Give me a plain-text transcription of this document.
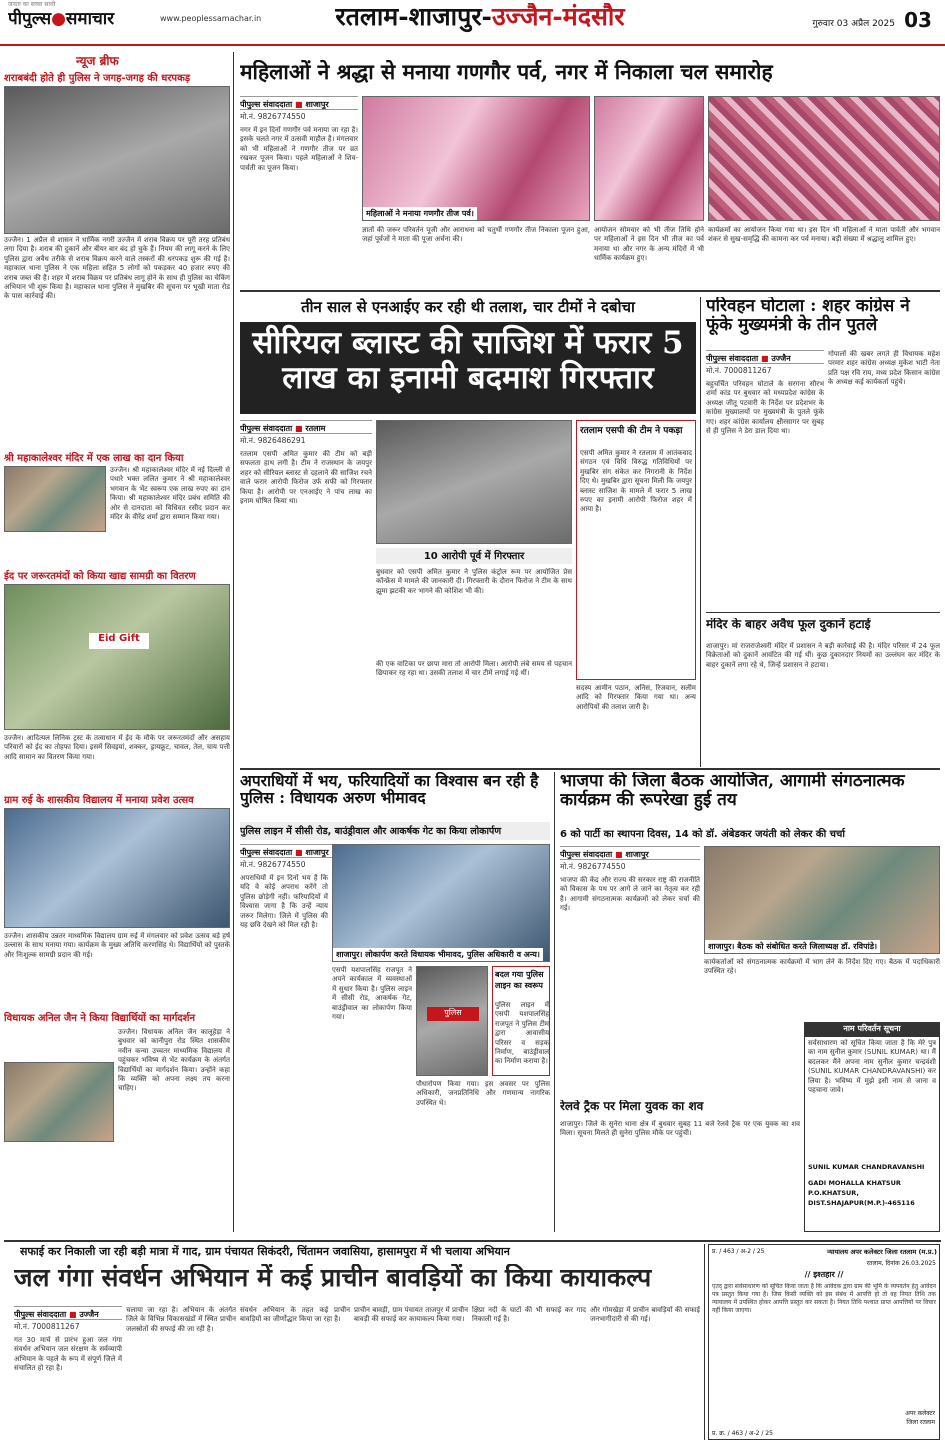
पीपुल्स●समाचार
जनता का सच्चा साथी
www.peoplessamachar.in	रतलाम-शाजापुर-उज्जैन-मंदसौर	गुरुवार 03 अप्रैल 2025 03
न्यूज ब्रीफ
शराबबंदी होते ही पुलिस ने जगह-जगह की धरपकड़
उज्जैन। 1 अप्रैल से शासन ने धार्मिक नगरी उज्जैन में शराब विक्रय पर पूरी तरह प्रतिबंध लगा दिया है। शराब की दुकानें और बीयर बार बंद हो चुके हैं। नियम की लागू करने के लिए पुलिस द्वारा अवैध तरीके से शराब विक्रय करने वाले तस्करों की धरपकड़ शुरू की गई है। महाकाल थाना पुलिस ने एक महिला सहित 5 लोगों को पकड़कर 40 हजार रुपए की शराब जब्त की है। शहर में शराब विक्रय पर प्रतिबंध लागू होने के साथ ही पुलिस का चेकिंग अभियान भी शुरू किया है। महाकाल थाना पुलिस ने मुखबिर की सूचना पर भूखी माता रोड के पास कार्रवाई की।
श्री महाकालेश्वर मंदिर में एक लाख का दान किया
उज्जैन। श्री महाकालेश्वर मंदिर में नई दिल्ली से पधारे भक्त ललित कुमार ने श्री महाकालेश्वर भगवान के भेंट स्वरूप एक लाख रुपए का दान किया। श्री महाकालेश्वर मंदिर प्रबंध समिति की ओर से दानदाता को विधिवत रसीद प्रदान कर मंदिर के वीरेंद्र शर्मा द्वारा सम्मान किया गया।
ईद पर जरूरतमंदों को किया खाद्य सामग्री का वितरण
Eid Gift
उज्जैन। आदित्यल लिनिक ट्रस्ट के तत्वाधान में ईद के मौके पर जरूरतमंदों और असहाय परिवारों को ईद का तोहफा दिया। इसमें सिवइयां, शक्कर, ड्रायफ्रूट, चावल, तेल, चाय पत्ती आदि सामान का वितरण किया गया।
ग्राम रुई के शासकीय विद्यालय में मनाया प्रवेश उत्सव
उज्जैन। शासकीय उन्नतर माध्यमिक विद्यालय ग्राम रुई में मंगलवार को प्रवेश उत्सव बड़े हर्ष उल्लास के साथ मनाया गया। कार्यक्रम के मुख्य अतिथि करणसिंह थे। विद्यार्थियों को पुस्तकें और निःशुल्क सामग्री प्रदान की गई।
विधायक अनिल जैन ने किया विद्यार्थियों का मार्गदर्शन
उज्जैन। विधायक अनिल जैन कालूहेड़ा ने बुधवार को कानीपुरा रोड स्थित शासकीय नवीन कन्या उच्चतर माध्यमिक विद्यालय में पहुंचकर भविष्य से भेंट कार्यक्रम के अंतर्गत विद्यार्थियों का मार्गदर्शन किया। उन्होंने कहा कि व्यक्ति को अपना लक्ष्य तय करना चाहिए।
महिलाओं ने श्रद्धा से मनाया गणगौर पर्व, नगर में निकाला चल समारोह
पीपुल्स संवाददाता ■ शाजापुर
मो.नं. 9826774550
नगर में इन दिनों गणगौर पर्व मनाया जा रहा है। इसके चलते नगर में उत्सवी माहौल है। मंगलवार को भी महिलाओं ने गणगौर तीज पर व्रत रखकर पूजन किया। पहले महिलाओं ने शिव-पार्वती का पूजन किया।
महिलाओं ने मनाया गणगौर तीज पर्व।
ज्ञातों की जरूर परिवर्तन पूजी और आराधना को चतुर्थी गणगौर तीज निकाला पूजन हुआ, जहां पूर्वजों ने माता की पूजा अर्चना की।
आयोजन सोमवार को भी तीज तिथि होने पर महिलाओं ने इस दिन भी तीज का पर्व मनाया था और नगर के अन्य मंदिरों में भी धार्मिक कार्यक्रम हुए।
कार्यक्रमों का आयोजन किया गया था। इस दिन भी महिलाओं ने माता पार्वती और भगवान शंकर से सुख-समृद्धि की कामना कर पर्व मनाया। बड़ी संख्या में श्रद्धालु शामिल हुए।
तीन साल से एनआईए कर रही थी तलाश, चार टीमों ने दबोचा
सीरियल ब्लास्ट की साजिश में फरार 5 लाख का इनामी बदमाश गिरफ्तार
पीपुल्स संवाददाता ■ रतलाम
मो.नं. 9826486291
रतलाम एसपी की टीम ने पकड़ा
एसपी अमित कुमार ने रतलाम में आतंकवाद संगठन एवं विधि विरुद्ध गतिविधियों पर मुखबिर संग संकेत कर निगरानी के निर्देश दिए थे। मुखबिर द्वारा सूचना मिली कि जयपुर ब्लास्ट साजिश के मामले में फरार 5 लाख रुपए का इनामी आरोपी फिरोज शहर में आया है।
रतलाम एसपी अमित कुमार की टीम को बड़ी सफलता हाथ लगी है। टीम ने राजस्थान के जयपुर शहर को सीरियल ब्लास्ट से दहलाने की साजिश रचने वाले फरार आरोपी फिरोज उर्फ सफी को गिरफ्तार किया है। आरोपी पर एनआईए ने पांच लाख का इनाम घोषित किया था।
10 आरोपी पूर्व में गिरफ्तार
बुधवार को एसपी अमित कुमार ने पुलिस कंट्रोल रूम पर आयोजित प्रेस कॉन्फ्रेंस में मामले की जानकारी दी। गिरफ्तारी के दौरान फिरोज ने टीम के साथ झूमा झटकी कर भागने की कोशिश भी की।
की एक वाटिका पर छापा मारा तो आरोपी मिला। आरोपी लंबे समय से पहचान छिपाकर रह रहा था। उसकी तलाश में चार टीमें लगाई गई थीं।
सदस्य आमीन पठान, अनिस, रिजवान, सलीम आदि को गिरफ्तार किया गया था। अन्य आरोपियों की तलाश जारी है।
परिवहन घोटाला : शहर कांग्रेस ने फूंके मुख्यमंत्री के तीन पुतले
पीपुल्स संवाददाता ■ उज्जैन
मो.नं. 7000811267
बहुचर्चित परिवहन घोटाले के सरगना सौरभ शर्मा कांड पर बुधवार को मध्यप्रदेश कांग्रेस के अध्यक्ष जीतू पटवारी के निर्देश पर प्रदेशभर के कांग्रेस मुख्यालयों पर मुख्यमंत्री के पुतले फूंके गए। शहर कांग्रेस कार्यालय क्षीरसागर पर सुबह से ही पुलिस ने डेरा डाल दिया था।
गोपालों की खबर लगते ही विधायक महेश परमार शहर कांग्रेस अध्यक्ष मुकेश भाटी नेता प्रति पक्ष रवि राय, मध्य प्रदेश किसान कांग्रेस के अध्यक्ष कई कार्यकर्ता पहुंचे।
मंदिर के बाहर अवैध फूल दुकानें हटाई
शाजापुर। मां राजराजेश्वरी मंदिर में प्रशासन ने बड़ी कार्रवाई की है। मंदिर परिसर में 24 फूल विक्रेताओं को दुकानें आवंटित की गई थीं। कुछ दुकानदार नियमों का उल्लंघन कर मंदिर के बाहर दुकानें लगा रहे थे, जिन्हें प्रशासन ने हटाया।
अपराधियों में भय, फरियादियों का विश्वास बन रही है पुलिस : विधायक अरुण भीमावद
पुलिस लाइन में सीसी रोड, बाउंड्रीवाल और आकर्षक गेट का किया लोकार्पण
पीपुल्स संवाददाता ■ शाजापुर
मो.नं. 9826774550
अपराधियों में इन दिनों भय है कि यदि वे कोई अपराध करेंगे तो पुलिस छोड़ेगी नहीं। फरियादियों में विश्वास जागा है कि उन्हें न्याय जरूर मिलेगा। जिले में पुलिस की यह छवि देखने को मिल रही है।
शाजापुर। लोकार्पण करते विधायक भीमावद, पुलिस अधिकारी व अन्य।
एसपी यशपालसिंह राजपूत ने अपने कार्यकाल में व्यवस्थाओं में सुधार किया है। पुलिस लाइन में सीसी रोड, आकर्षक गेट, बाउंड्रीवाल का लोकार्पण किया गया।
पुलिस
बदल गया पुलिस लाइन का स्वरूप
पुलिस लाइन में एसपी यशपालसिंह राजपूत ने पुलिस टीम द्वारा आवासीय परिसर व सड़क निर्माण, बाउंड्रीवाल का निर्माण कराया है।
पौधारोपण किया गया। इस अवसर पर पुलिस अधिकारी, जनप्रतिनिधि और गणमान्य नागरिक उपस्थित थे।
भाजपा की जिला बैठक आयोजित, आगामी संगठनात्मक कार्यक्रम की रूपरेखा हुई तय
6 को पार्टी का स्थापना दिवस, 14 को डॉ. अंबेडकर जयंती को लेकर की चर्चा
पीपुल्स संवाददाता ■ शाजापुर
मो.नं. 9826774550
भाजपा की केंद्र और राज्य की सरकार राष्ट्र की राजनीति को विकास के पथ पर आगे ले जाने का नेतृत्व कर रही है। आगामी संगठनात्मक कार्यक्रमों को लेकर चर्चा की गई।
शाजापुर। बैठक को संबोधित करते जिलाध्यक्ष डॉ. रविपांडे।
कार्यकर्ताओं को संगठनात्मक कार्यक्रमों में भाग लेने के निर्देश दिए गए। बैठक में पदाधिकारी उपस्थित रहे।
रेलवे ट्रैक पर मिला युवक का शव
शाजापुर। जिले के सुनेरा थाना क्षेत्र में बुधवार सुबह 11 बजे रेलवे ट्रैक पर एक युवक का शव मिला। सूचना मिलते ही सुनेरा पुलिस मौके पर पहुंची।
नाम परिवर्तन सूचना
सर्वसाधारण को सूचित किया जाता है कि मेरे पुत्र का नाम सुनील कुमार (SUNIL KUMAR) था। मैं बदलकर मैंने अपना नाम सुनील कुमार चन्द्रवंशी (SUNIL KUMAR CHANDRAVANSHI) कर लिया है। भविष्य में मुझे इसी नाम से जाना व पहचाना जावे।
SUNIL KUMAR CHANDRAVANSHI
GADI MOHALLA KHATSUR
P.O.KHATSUR,
DIST.SHAJAPUR(M.P.)-465116
सफाई कर निकाली जा रही बड़ी मात्रा में गाद, ग्राम पंचायत सिकंदरी, चिंतामन जवासिया, हासामपुरा में भी चलाया अभियान
जल गंगा संवर्धन अभियान में कई प्राचीन बावड़ियों का किया कायाकल्प
पीपुल्स संवाददाता ■ उज्जैन
मो.नं. 7000811267
गत 30 मार्च से प्रारंभ हुआ जल गंगा संवर्धन अभियान जल संरक्षण के सर्वव्यापी अभियान के पहले के रूप में संपूर्ण जिले में संचालित हो रहा है।
चलाया जा रहा है। अभियान के अंतर्गत जिले के विभिन्न विकासखंडों में स्थित प्राचीन जलस्रोतों की सफाई की जा रही है।
संवर्धन अभियान के तहत कई प्राचीन बावड़ियों का जीर्णोद्धार किया जा रहा है।
प्राचीन बावड़ी, ग्राम पंचायत ताजपुर में प्राचीन बावड़ी की सफाई कर कायाकल्प किया गया।
क्षिप्रा नदी के घाटों की भी सफाई कर गाद निकाली गई है।
और गोमखेड़ा में प्राचीन बावड़ियों की सफाई जनभागीदारी से की गई।
प्र. / 463 / अ-2 / 25	न्यायालय अपर कलेक्टर जिला रतलाम (म.प्र.)
रतलाम, दिनांक 26.03.2025
// इश्तहार //
एतद् द्वारा सर्वसाधारण को सूचित किया जाता है कि आवेदक द्वारा ग्राम की भूमि के व्यपवर्तन हेतु आवेदन पत्र प्रस्तुत किया गया है। जिस किसी व्यक्ति को इस संबंध में आपत्ति हो तो वह नियत तिथि तक न्यायालय में उपस्थित होकर आपत्ति प्रस्तुत कर सकता है। नियत तिथि पश्चात प्राप्त आपत्तियों पर विचार नहीं किया जाएगा।
अपर कलेक्टर
जिला रतलाम
प्र. क्र. / 463 / अ-2 / 25
